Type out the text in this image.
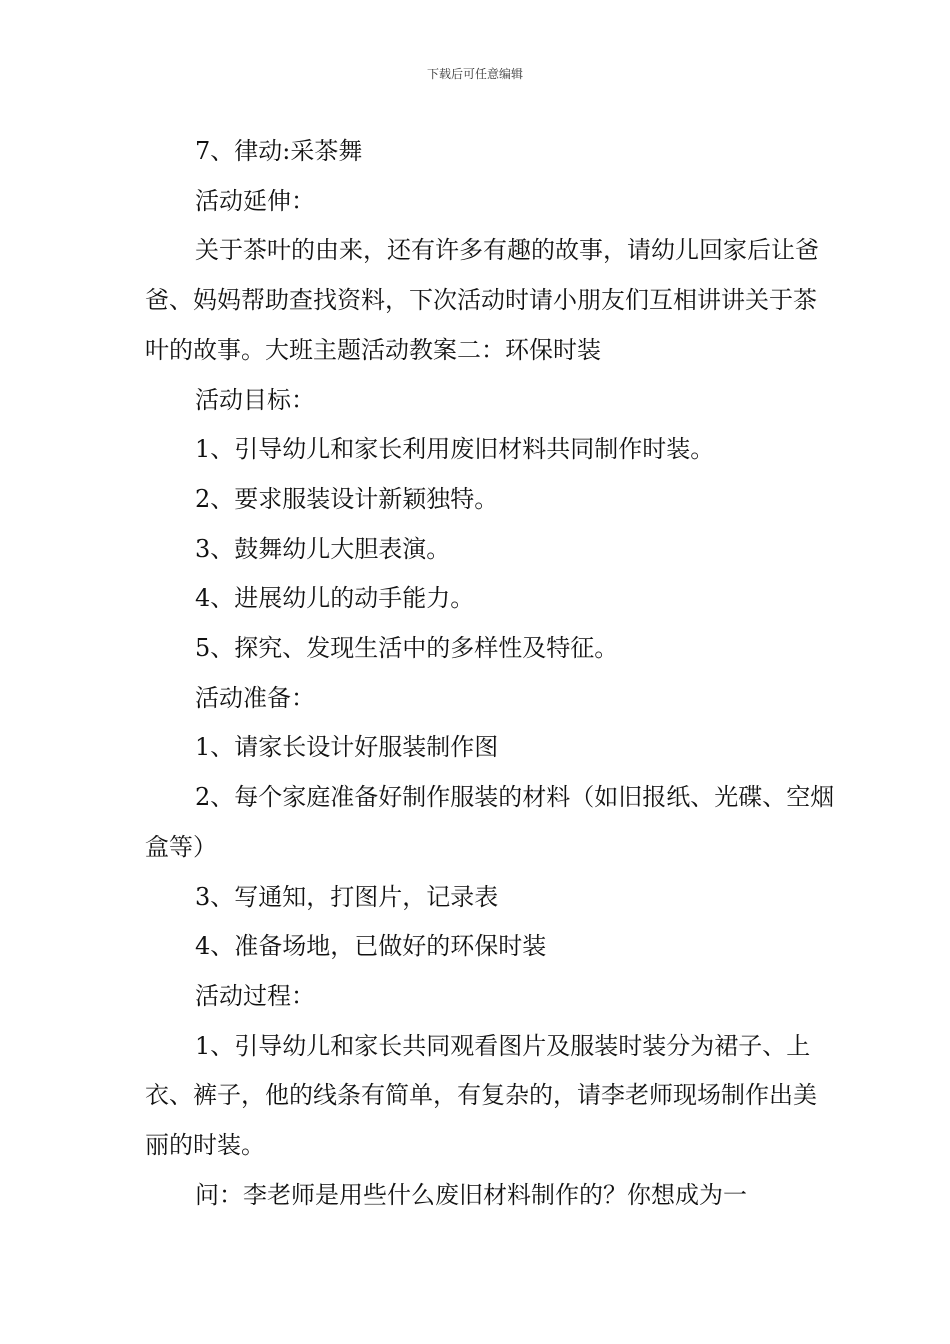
下载后可任意编辑

7、律动:采茶舞

活动延伸：

关于茶叶的由来，还有许多有趣的故事，请幼儿回家后让爸爸、妈妈帮助查找资料，下次活动时请小朋友们互相讲讲关于茶叶的故事。大班主题活动教案二：环保时装

活动目标：

1、引导幼儿和家长利用废旧材料共同制作时装。

2、要求服装设计新颖独特。

3、鼓舞幼儿大胆表演。

4、进展幼儿的动手能力。

5、探究、发现生活中的多样性及特征。

活动准备：

1、请家长设计好服装制作图

2、每个家庭准备好制作服装的材料（如旧报纸、光碟、空烟盒等）

3、写通知，打图片，记录表

4、准备场地，已做好的环保时装

活动过程：

1、引导幼儿和家长共同观看图片及服装时装分为裙子、上衣、裤子，他的线条有简单，有复杂的，请李老师现场制作出美丽的时装。

问：李老师是用些什么废旧材料制作的？你想成为一
